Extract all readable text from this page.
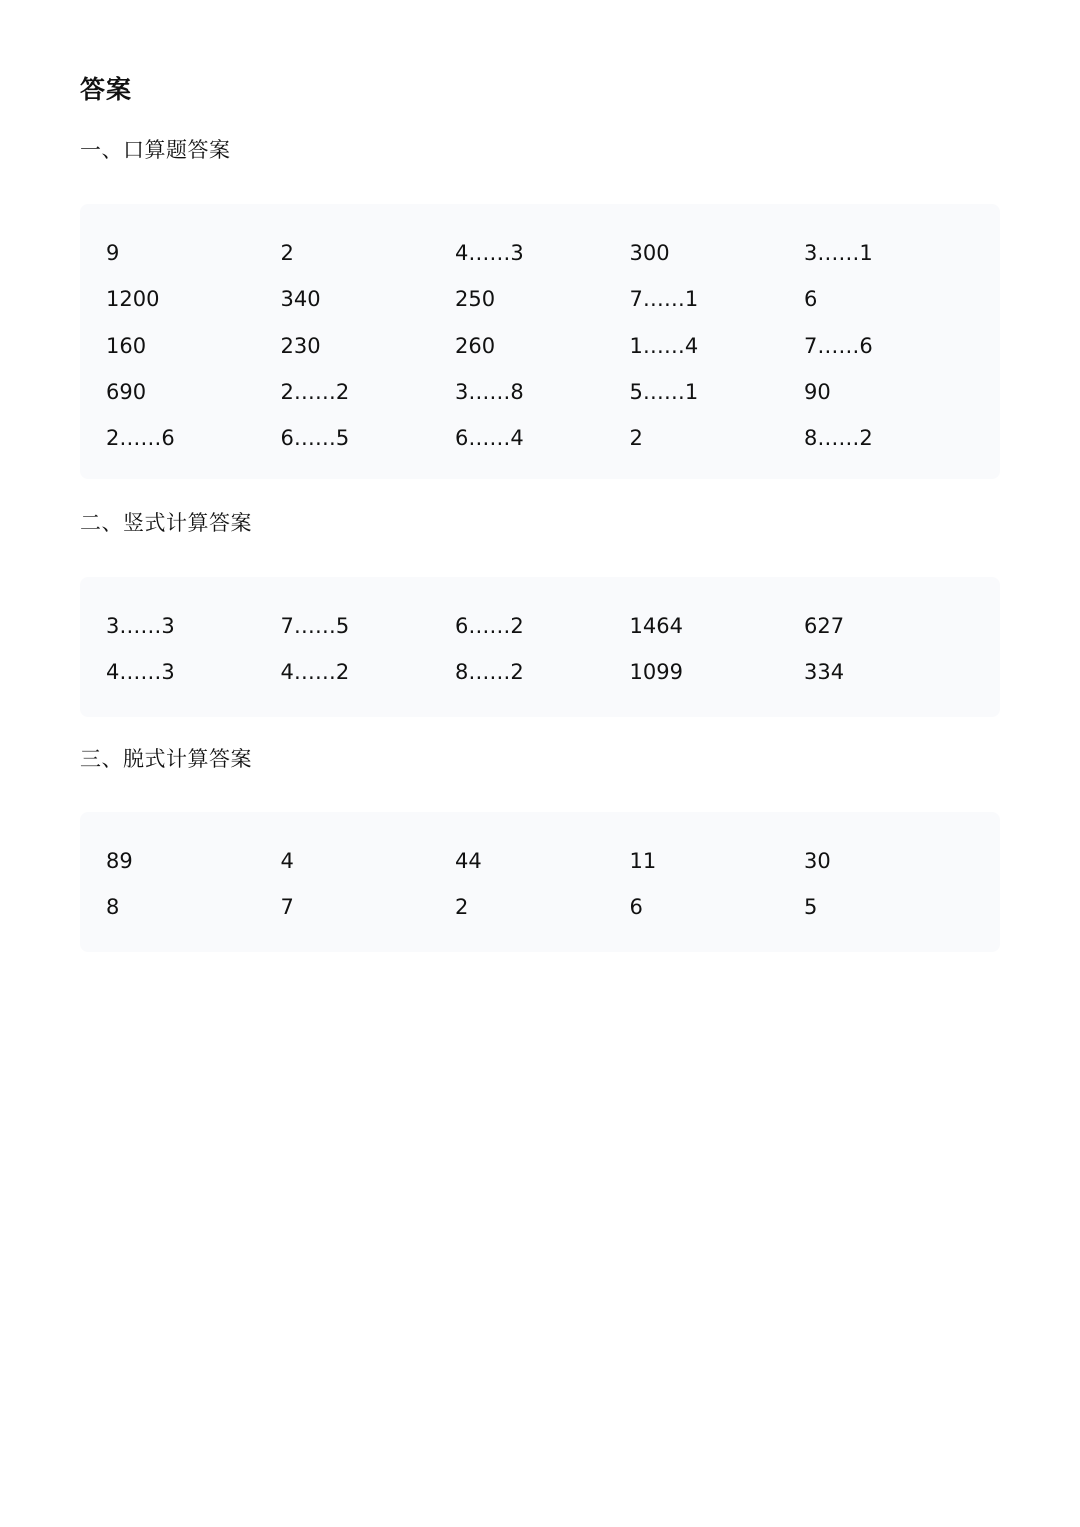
答案
一、口算题答案
9	2	4……3	300	3……1
1200	340	250	7……1	6
160	230	260	1……4	7……6
690	2……2	3……8	5……1	90
2……6	6……5	6……4	2	8……2
二、竖式计算答案
3……3	7……5	6……2	1464	627
4……3	4……2	8……2	1099	334
三、脱式计算答案
89	4	44	11	30
8	7	2	6	5
